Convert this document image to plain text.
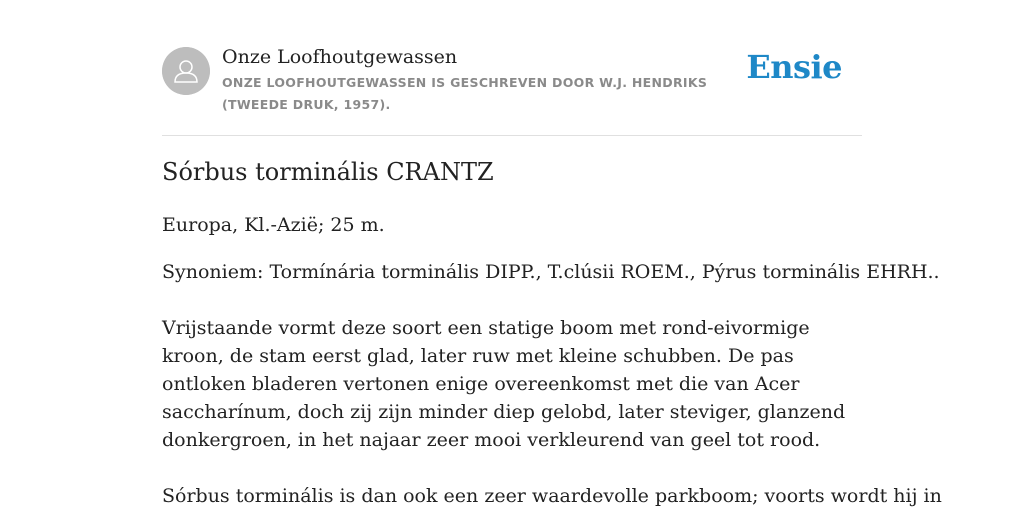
Onze Loofhoutgewassen
ONZE LOOFHOUTGEWASSEN IS GESCHREVEN DOOR W.J. HENDRIKS (TWEEDE DRUK, 1957).
Ensie
Sórbus torminális CRANTZ

Europa, Kl.-Azië; 25 m.

Synoniem: Tormínária torminális DIPP., T.clúsii ROEM., Pýrus torminális EHRH..

Vrijstaande vormt deze soort een statige boom met rond-eivormige kroon, de stam eerst glad, later ruw met kleine schubben. De pas ontloken bladeren vertonen enige overeenkomst met die van Acer saccharínum, doch zij zijn minder diep gelobd, later steviger, glanzend donkergroen, in het najaar zeer mooi verkleurend van geel tot rood.

Sórbus torminális is dan ook een zeer waardevolle parkboom; voorts wordt hij in
